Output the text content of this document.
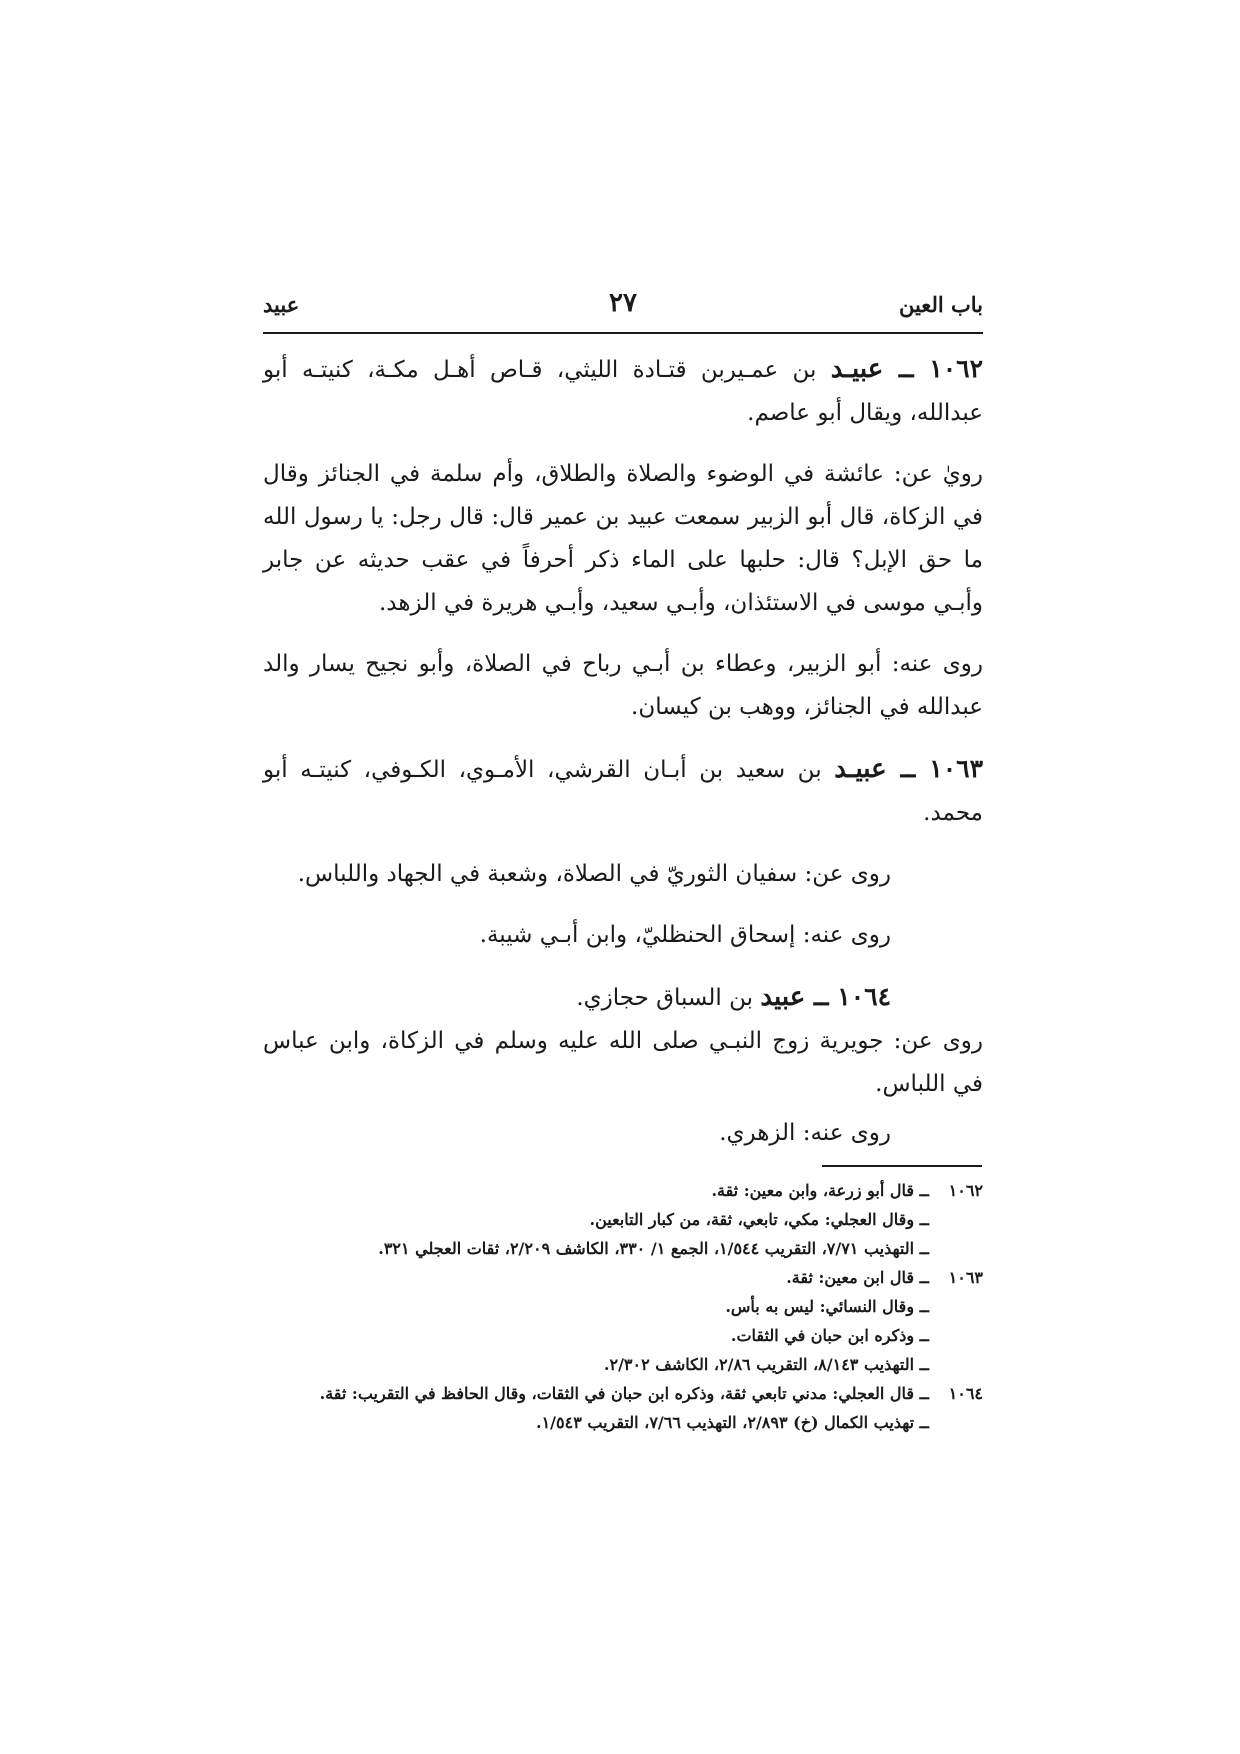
باب العين
٢٧
عبيد

١٠٦٢ ــ عبيـد بن عمـيربن قتـادة الليثي، قـاص أهـل مكـة، كنيتـه أبو عبدالله، ويقال أبو عاصم.

رويٰ عن: عائشة في الوضوء والصلاة والطلاق، وأم سلمة في الجنائز وقال في الزكاة، قال أبو الزبير سمعت عبيد بن عمير قال: قال رجل: يا رسول الله ما حق الإبل؟ قال: حلبها على الماء ذكر أحرفاً في عقب حديثه عن جابر وأبـي موسى في الاستئذان، وأبـي سعيد، وأبـي هريرة في الزهد.

روى عنه: أبو الزبير، وعطاء بن أبـي رباح في الصلاة، وأبو نجيح يسار والد عبدالله في الجنائز، ووهب بن كيسان.

١٠٦٣ ــ عبيـد بن سعيد بن أبـان القرشي، الأمـوي، الكـوفي، كنيتـه أبو محمد.

روى عن: سفيان الثوريّ في الصلاة، وشعبة في الجهاد واللباس.

روى عنه: إسحاق الحنظليّ، وابن أبـي شيبة.

١٠٦٤ ــ عبيد بن السباق حجازي.

روى عن: جويرية زوج النبـي صلى الله عليه وسلم في الزكاة، وابن عباس في اللباس.

روى عنه: الزهري.

١٠٦٢ــ قال أبو زرعة، وابن معين: ثقة.
ــ وقال العجلي: مكي، تابعي، ثقة، من كبار التابعين.
ــ التهذيب ٧/٧١، التقريب ١/٥٤٤، الجمع ١/ ٣٣٠، الكاشف ٢/٢٠٩، ثقات العجلي ٣٢١.
١٠٦٣ــ قال ابن معين: ثقة.
ــ وقال النسائي: ليس به بأس.
ــ وذكره ابن حبان في الثقات.
ــ التهذيب ٨/١٤٣، التقريب ٢/٨٦، الكاشف ٢/٣٠٢.
١٠٦٤ــ قال العجلي: مدني تابعي ثقة، وذكره ابن حبان في الثقات، وقال الحافظ في التقريب: ثقة.
ــ تهذيب الكمال (خ) ٢/٨٩٣، التهذيب ٧/٦٦، التقريب ١/٥٤٣.
